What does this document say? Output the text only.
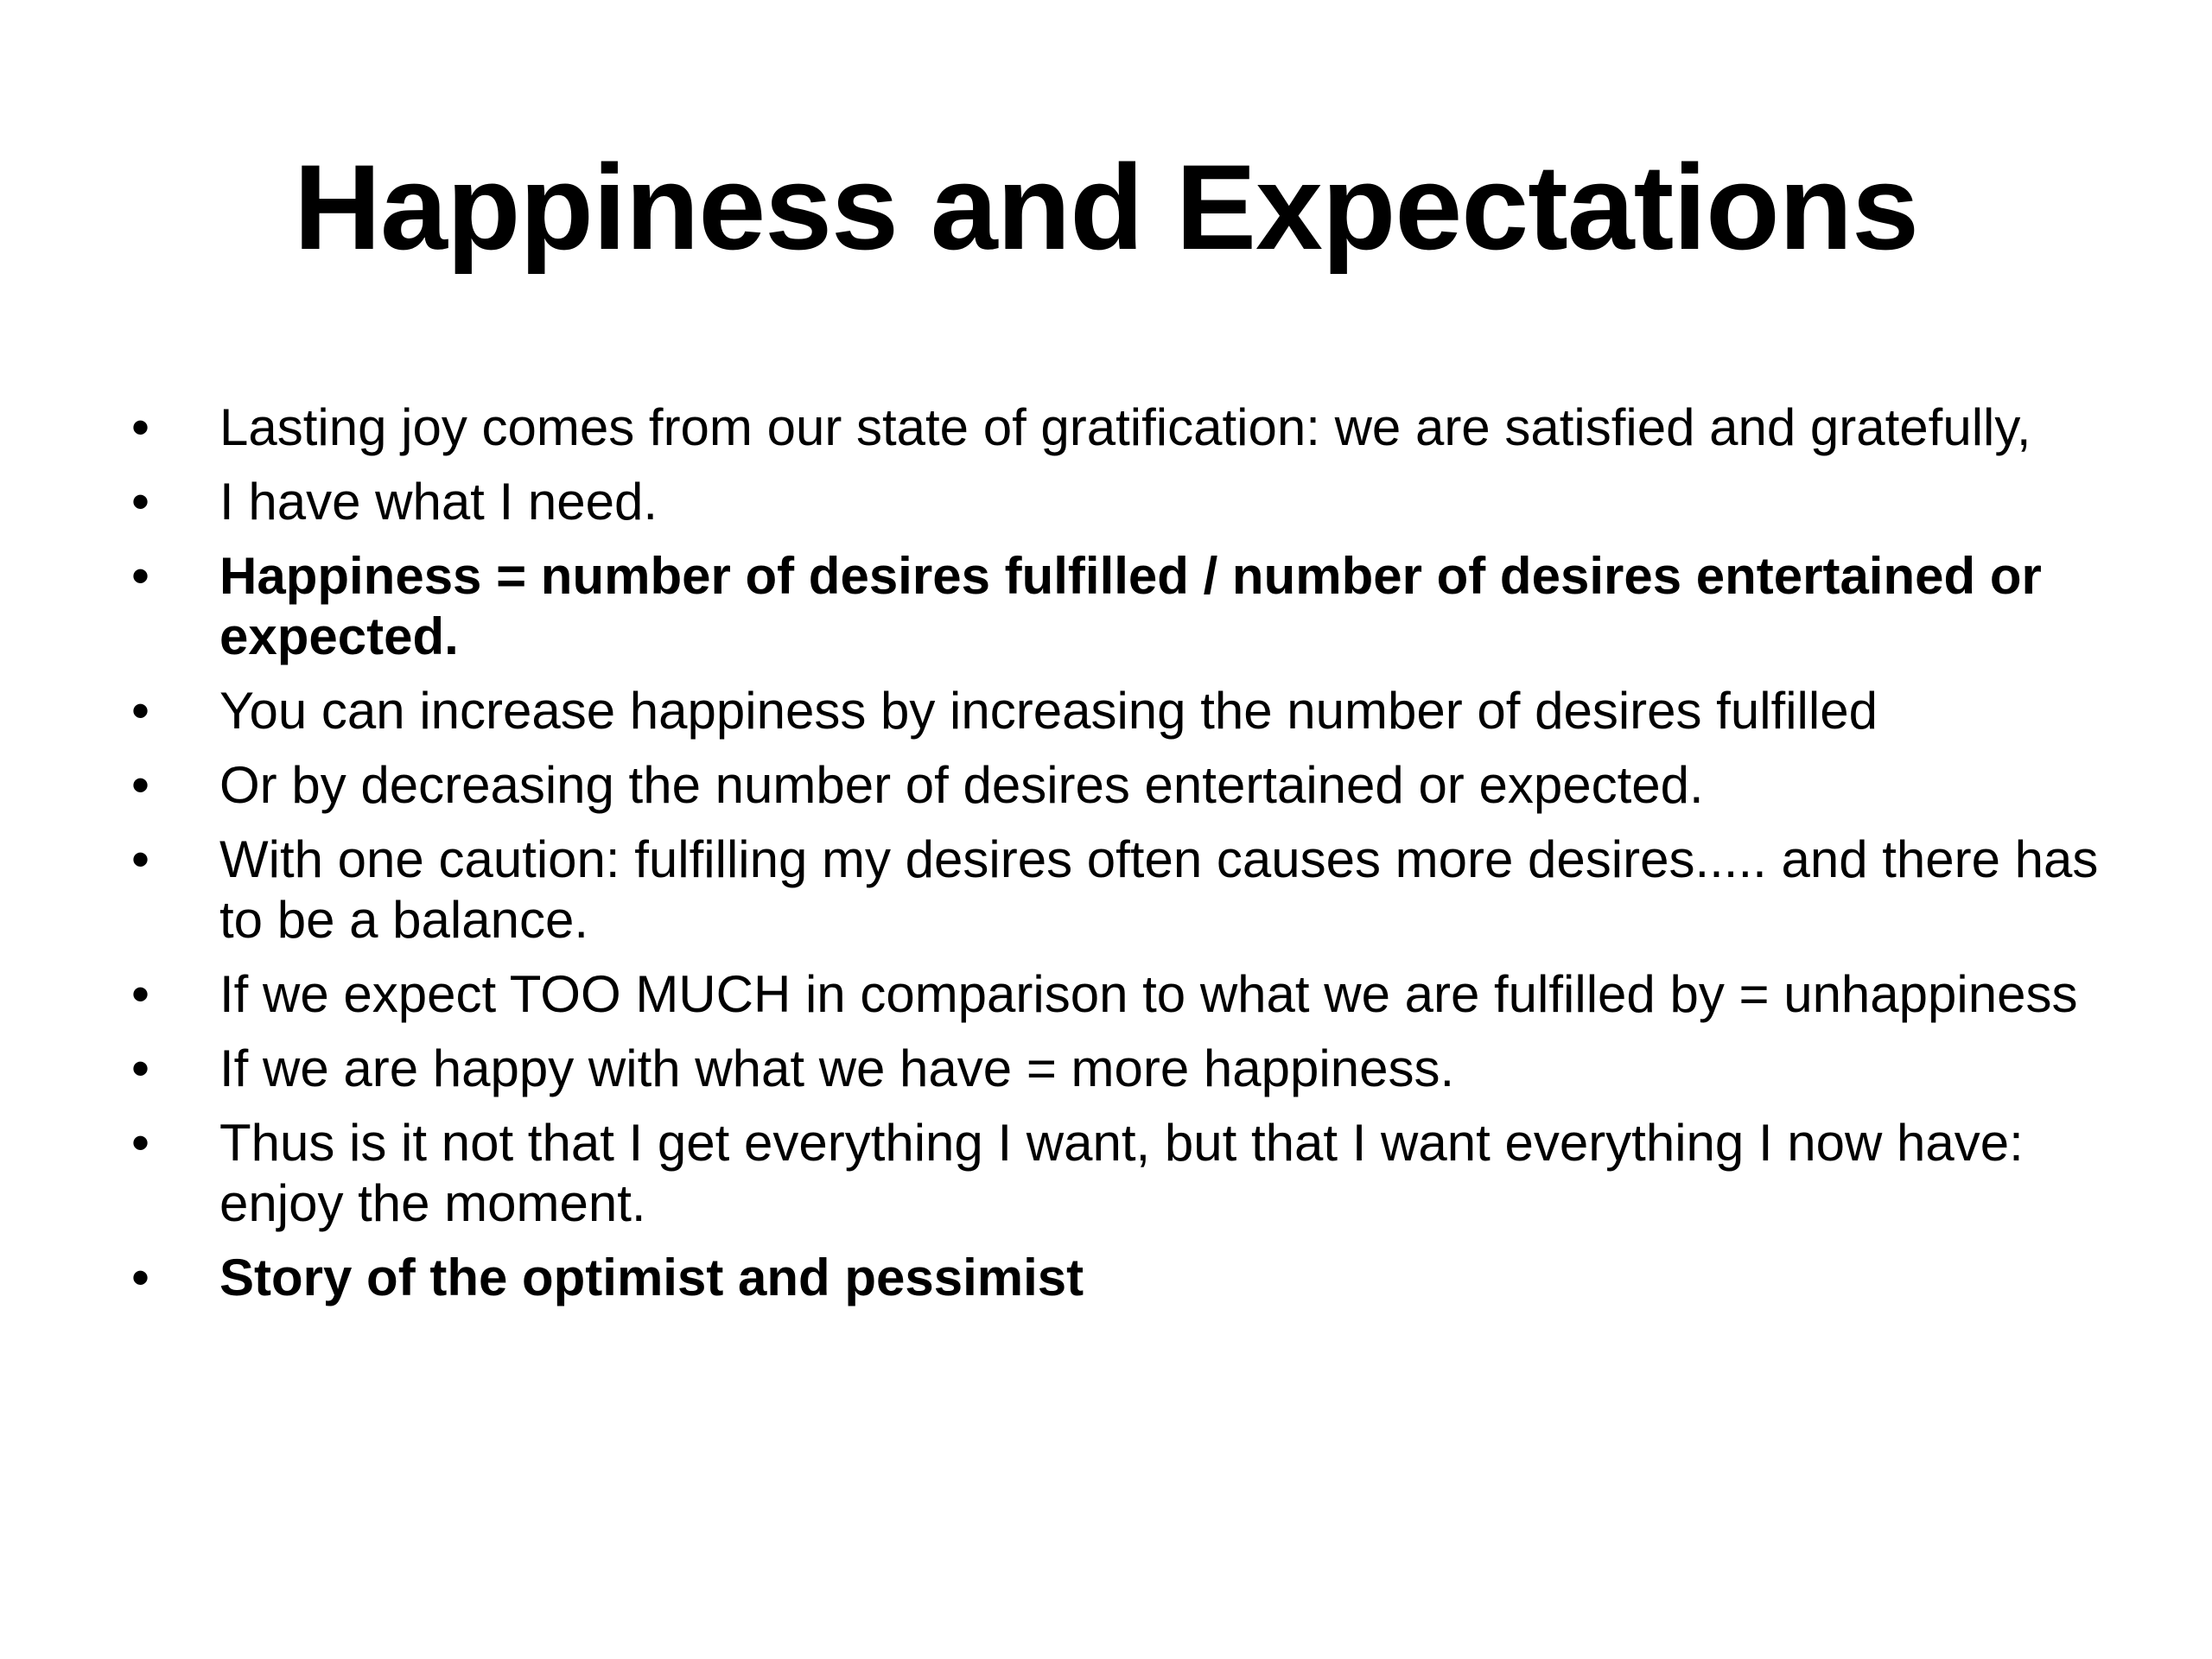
Happiness and Expectations
•	Lasting joy comes from our state of gratification: we are satisfied and gratefully,
•	I have what I need.
•	Happiness = number of desires fulfilled / number of desires entertained or expected.
•	You can increase happiness by increasing the number of desires fulfilled
•	Or by decreasing the number of desires entertained or expected.
•	With one caution: fulfilling my desires often causes more desires..... and there has to be a balance.
•	If we expect TOO MUCH in comparison to what we are fulfilled by = unhappiness
•	If we are happy with what we have = more happiness.
•	Thus is it not that I get everything I want, but that I want everything I now have: enjoy the moment.
•	Story of the optimist and pessimist
